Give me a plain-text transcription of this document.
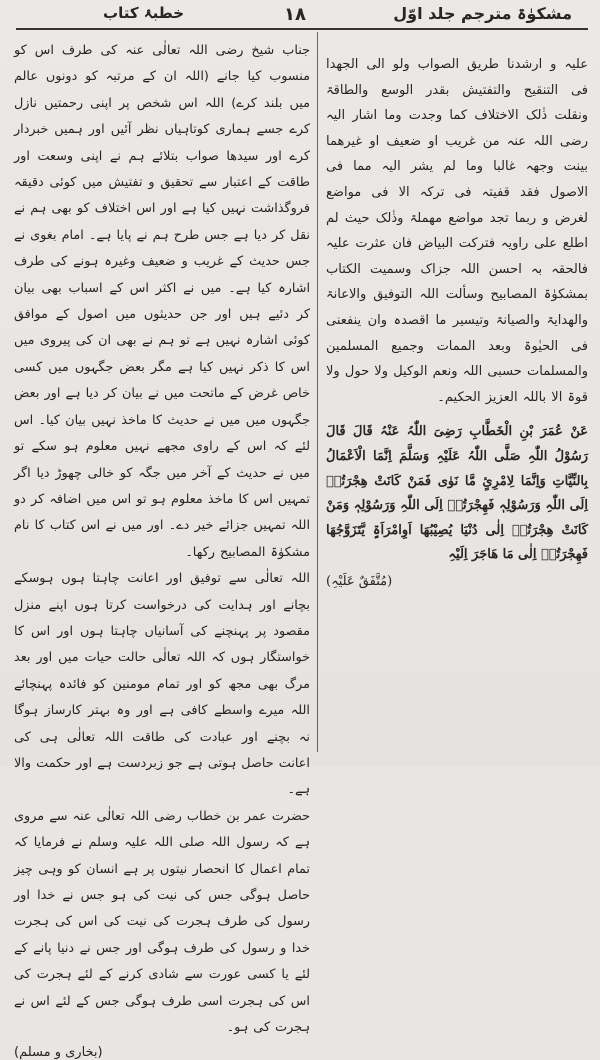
خطبۂ کتاب	۱۸	مشکوٰۃ مترجم جلد اوّل

علیہ و ارشدنا طریق الصواب ولو الی الجھدا فی التنقیح والتفتیش بقدر الوسع والطاقۃ ونقلت ذٰلک الاختلاف کما وجدت وما اشار الیہ رضی اللہ عنہ من غریب او ضعیف او غیرھما بینت وجھہ غالبا وما لم یشر الیہ مما فی الاصول فقد قفیتہ فی ترکہ الا فی مواضع لغرض و ربما تجد مواضع مھملۃ وذٰلک حیث لم اطلع علی راویہ فترکت البیاض فان عثرت علیہ فالحقہ بہ احسن اللہ جزاک وسمیت الکتاب بمشکوٰۃ المصابیح وسألت اللہ التوفیق والاعانۃ والھدایۃ والصیانۃ وتیسیر ما اقصدہ وان ینفعنی فی الحیٰوۃ وبعد الممات وجمیع المسلمین والمسلمات حسبی اللہ ونعم الوکیل ولا حول ولا قوۃ الا باللہ العزیز الحکیم۔

عَنْ عُمَرَ بْنِ الْخَطَّابِ رَضِیَ اللّٰہُ عَنْہُ قَالَ قَالَ رَسُوْلُ اللّٰہِ صَلَّی اللّٰہُ عَلَیْہِ وَسَلَّمَ اِنَّمَا الْاَعْمَالُ بِالنِّیَّاتِ وَاِنَّمَا لِامْرِئٍ مَّا نَوٰی فَمَنْ کَانَتْ ھِجْرَتُہٗ اِلَی اللّٰہِ وَرَسُوْلِہٖ فَھِجْرَتُہٗ اِلَی اللّٰہِ وَرَسُوْلِہٖ وَمَنْ کَانَتْ ھِجْرَتُہٗ اِلٰی دُنْیَا یُصِیْبُھَا اَوِامْرَاَۃٍ یَّتَزَوَّجُھَا فَھِجْرَتُہٗ اِلٰی مَا ھَاجَرَ اِلَیْہِ

(مُتَّفَقٌ عَلَیْہِ)

جناب شیخ رضی اللہ تعالٰی عنہ کی طرف اس کو منسوب کیا جانے (اللہ ان کے مرتبہ کو دونوں عالم میں بلند کرے) اللہ اس شخص پر اپنی رحمتیں نازل کرے جسے ہماری کوتاہیاں نظر آئیں اور ہمیں خبردار کرے اور سیدھا صواب بتلائے ہم نے اپنی وسعت اور طاقت کے اعتبار سے تحقیق و تفتیش میں کوئی دقیقہ فروگذاشت نہیں کیا ہے اور اس اختلاف کو بھی ہم نے نقل کر دیا ہے جس طرح ہم نے پایا ہے۔ امام بغوی نے جس حدیث کے غریب و ضعیف وغیرہ ہونے کی طرف اشارہ کیا ہے۔ میں نے اکثر اس کے اسباب بھی بیان کر دئیے ہیں اور جن حدیثوں میں اصول کے موافق کوئی اشارہ نہیں ہے تو ہم نے بھی ان کی پیروی میں اس کا ذکر نہیں کیا ہے مگر بعض جگہوں میں کسی خاص غرض کے ماتحت میں نے بیان کر دیا ہے اور بعض جگہوں میں میں نے حدیث کا ماخذ نہیں بیان کیا۔ اس لئے کہ اس کے راوی مجھے نہیں معلوم ہو سکے تو میں نے حدیث کے آخر میں جگہ کو خالی چھوڑ دیا اگر تمہیں اس کا ماخذ معلوم ہو تو اس میں اضافہ کر دو اللہ تمہیں جزائے خیر دے۔ اور میں نے اس کتاب کا نام مشکوٰۃ المصابیح رکھا۔

اللہ تعالٰی سے توفیق اور اعانت چاہتا ہوں ہوسکے بچانے اور ہدایت کی درخواست کرتا ہوں اپنے منزل مقصود پر پہنچنے کی آسانیاں چاہتا ہوں اور اس کا خواستگار ہوں کہ اللہ تعالٰی حالت حیات میں اور بعد مرگ بھی مجھ کو اور تمام مومنین کو فائدہ پہنچائے اللہ میرے واسطے کافی ہے اور وہ بہتر کارساز ہوگا نہ بچنے اور عبادت کی طاقت اللہ تعالٰی ہی کی اعانت حاصل ہوتی ہے جو زبردست ہے اور حکمت والا ہے۔

حضرت عمر بن خطاب رضی اللہ تعالٰی عنہ سے مروی ہے کہ رسول اللہ صلی اللہ علیہ وسلم نے فرمایا کہ تمام اعمال کا انحصار نیتوں پر ہے انسان کو وہی چیز حاصل ہوگی جس کی نیت کی ہو جس نے خدا اور رسول کی طرف ہجرت کی نیت کی اس کی ہجرت خدا و رسول کی طرف ہوگی اور جس نے دنیا پانے کے لئے یا کسی عورت سے شادی کرنے کے لئے ہجرت کی اس کی ہجرت اسی طرف ہوگی جس کے لئے اس نے ہجرت کی ہو۔

(بخاری و مسلم)
